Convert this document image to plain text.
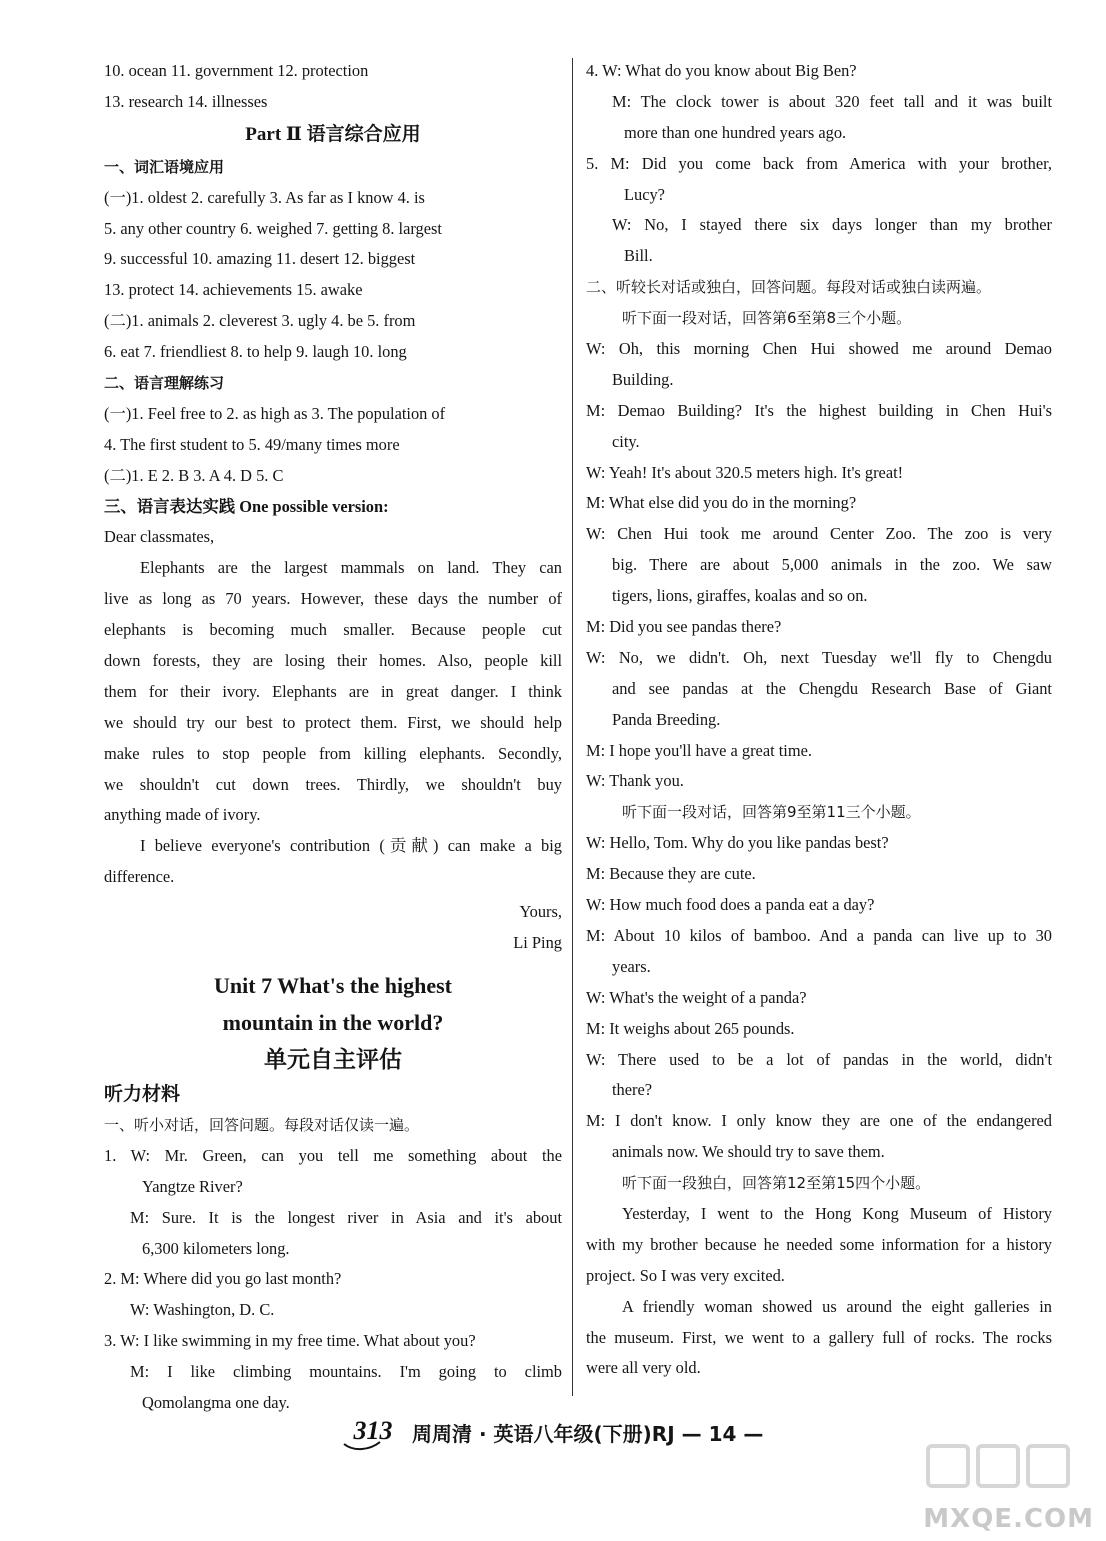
10. ocean 11. government 12. protection
13. research 14. illnesses
Part Ⅱ 语言综合应用
一、词汇语境应用
(一)1. oldest 2. carefully 3. As far as I know 4. is
5. any other country 6. weighed 7. getting 8. largest
9. successful 10. amazing 11. desert 12. biggest
13. protect 14. achievements 15. awake
(二)1. animals 2. cleverest 3. ugly 4. be 5. from
6. eat 7. friendliest 8. to help 9. laugh 10. long
二、语言理解练习
(一)1. Feel free to 2. as high as 3. The population of
4. The first student to 5. 49/many times more
(二)1. E 2. B 3. A 4. D 5. C
三、语言表达实践 One possible version:
Dear classmates,
Elephants are the largest mammals on land. They can
live as long as 70 years. However, these days the number of
elephants is becoming much smaller. Because people cut
down forests, they are losing their homes. Also, people kill
them for their ivory. Elephants are in great danger. I think
we should try our best to protect them. First, we should help
make rules to stop people from killing elephants. Secondly,
we shouldn't cut down trees. Thirdly, we shouldn't buy
anything made of ivory.
I believe everyone's contribution (贡献) can make a big
difference.
Yours,
Li Ping
Unit 7 What's the highest
mountain in the world?
单元自主评估
听力材料
一、听小对话，回答问题。每段对话仅读一遍。
1. W: Mr. Green, can you tell me something about the
Yangtze River?
M: Sure. It is the longest river in Asia and it's about
6,300 kilometers long.
2. M: Where did you go last month?
W: Washington, D. C.
3. W: I like swimming in my free time. What about you?
M: I like climbing mountains. I'm going to climb
Qomolangma one day.
4. W: What do you know about Big Ben?
M: The clock tower is about 320 feet tall and it was built
more than one hundred years ago.
5. M: Did you come back from America with your brother,
Lucy?
W: No, I stayed there six days longer than my brother
Bill.
二、听较长对话或独白，回答问题。每段对话或独白读两遍。
听下面一段对话，回答第6至第8三个小题。
W: Oh, this morning Chen Hui showed me around Demao
Building.
M: Demao Building? It's the highest building in Chen Hui's
city.
W: Yeah! It's about 320.5 meters high. It's great!
M: What else did you do in the morning?
W: Chen Hui took me around Center Zoo. The zoo is very
big. There are about 5,000 animals in the zoo. We saw
tigers, lions, giraffes, koalas and so on.
M: Did you see pandas there?
W: No, we didn't. Oh, next Tuesday we'll fly to Chengdu
and see pandas at the Chengdu Research Base of Giant
Panda Breeding.
M: I hope you'll have a great time.
W: Thank you.
听下面一段对话，回答第9至第11三个小题。
W: Hello, Tom. Why do you like pandas best?
M: Because they are cute.
W: How much food does a panda eat a day?
M: About 10 kilos of bamboo. And a panda can live up to 30
years.
W: What's the weight of a panda?
M: It weighs about 265 pounds.
W: There used to be a lot of pandas in the world, didn't
there?
M: I don't know. I only know they are one of the endangered
animals now. We should try to save them.
听下面一段独白，回答第12至第15四个小题。
Yesterday, I went to the Hong Kong Museum of History
with my brother because he needed some information for a history
project. So I was very excited.
A friendly woman showed us around the eight galleries in
the museum. First, we went to a gallery full of rocks. The rocks
were all very old.
313 周周清 · 英语八年级(下册)RJ — 14 —
MXQE.COM
